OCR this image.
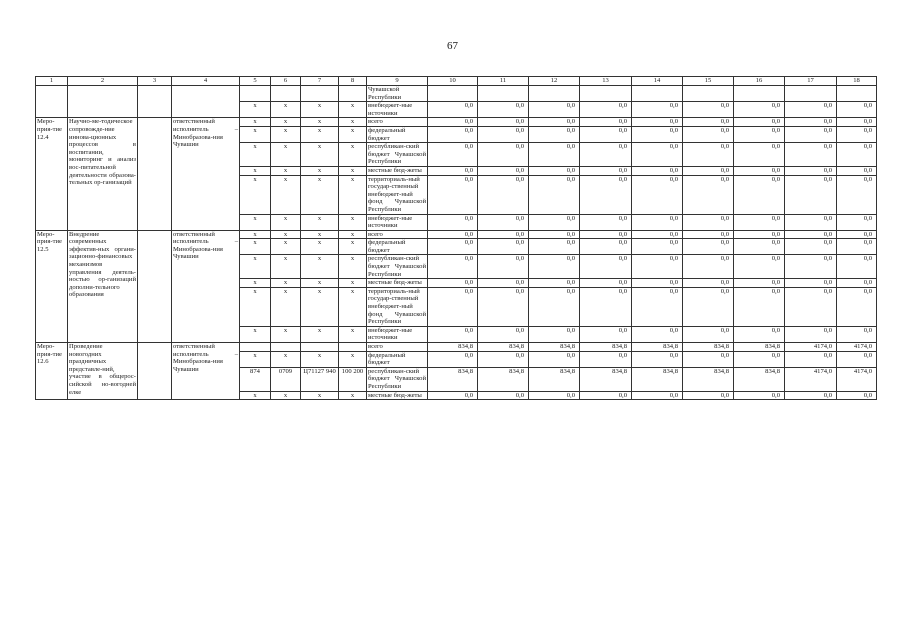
67
1	2	3	4	5	6	7	8	9	10	11	12	13	14	15	16	17	18
								Чувашской Республики									
				х	х	х	х	внебюджет-ные источники	0,0	0,0	0,0	0,0	0,0	0,0	0,0	0,0	0,0
Меро-прия-тие 12.4	Научно-ме-тодическое сопровожде-ние иннова-ционных процессов в воспитании, мониторинг и анализ вос-питательной деятельности образова-тельных ор-ганизаций		ответственный исполнитель – Минобразова-ния Чувашии	х	х	х	х	всего	0,0	0,0	0,0	0,0	0,0	0,0	0,0	0,0	0,0
				х	х	х	х	федеральный бюджет	0,0	0,0	0,0	0,0	0,0	0,0	0,0	0,0	0,0
				х	х	х	х	республикан-ский бюджет Чувашской Республики	0,0	0,0	0,0	0,0	0,0	0,0	0,0	0,0	0,0
				х	х	х	х	местные бюд-жеты	0,0	0,0	0,0	0,0	0,0	0,0	0,0	0,0	0,0
				х	х	х	х	территориаль-ный государ-ственный внебюджет-ный фонд Чувашской Республики	0,0	0,0	0,0	0,0	0,0	0,0	0,0	0,0	0,0
				х	х	х	х	внебюджет-ные источники	0,0	0,0	0,0	0,0	0,0	0,0	0,0	0,0	0,0
Меро-прия-тие 12.5	Внедрение современных эффектив-ных органи-зационно-финансовых механизмов управления деятель-ностью ор-ганизаций дополни-тельного образования		ответственный исполнитель – Минобразова-ния Чувашии	х	х	х	х	всего	0,0	0,0	0,0	0,0	0,0	0,0	0,0	0,0	0,0
				х	х	х	х	федеральный бюджет	0,0	0,0	0,0	0,0	0,0	0,0	0,0	0,0	0,0
				х	х	х	х	республикан-ский бюджет Чувашской Республики	0,0	0,0	0,0	0,0	0,0	0,0	0,0	0,0	0,0
				х	х	х	х	местные бюд-жеты	0,0	0,0	0,0	0,0	0,0	0,0	0,0	0,0	0,0
				х	х	х	х	территориаль-ный государ-ственный внебюджет-ный фонд Чувашской Республики	0,0	0,0	0,0	0,0	0,0	0,0	0,0	0,0	0,0
				х	х	х	х	внебюджет-ные источники	0,0	0,0	0,0	0,0	0,0	0,0	0,0	0,0	0,0
Меро-прия-тие 12.6	Проведение новогодних праздничных представле-ний, участие в общерос-сийской но-вогодней елке		ответственный исполнитель – Минобразова-ния Чувашии					всего	834,8	834,8	834,8	834,8	834,8	834,8	834,8	4174,0	4174,0
				х	х	х	х	федеральный бюджет	0,0	0,0	0,0	0,0	0,0	0,0	0,0	0,0	0,0
				874	0709	Ц71127 940	100 200	республикан-ский бюджет Чувашской Республики	834,8	834,8	834,8	834,8	834,8	834,8	834,8	4174,0	4174,0
				х	х	х	х	местные бюд-жеты	0,0	0,0	0,0	0,0	0,0	0,0	0,0	0,0	0,0
